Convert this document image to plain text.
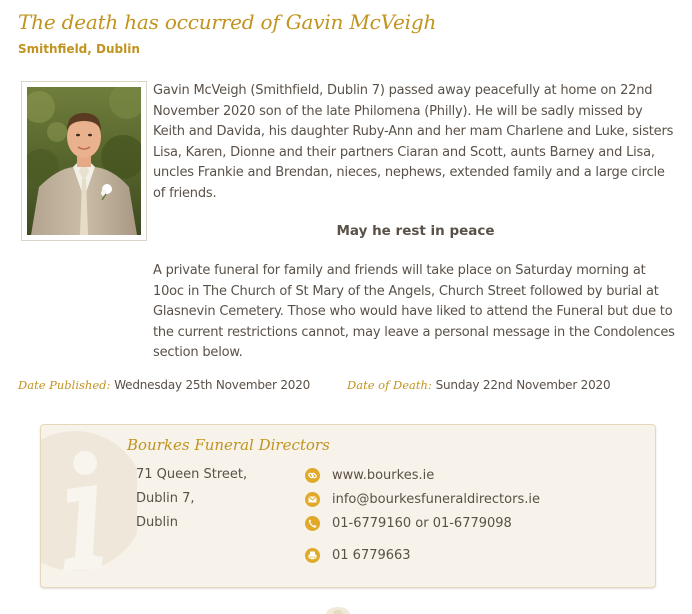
The death has occurred of Gavin McVeigh
Smithfield, Dublin

Gavin McVeigh (Smithfield, Dublin 7) passed away peacefully at home on 22nd November 2020 son of the late Philomena (Philly). He will be sadly missed by Keith and Davida, his daughter Ruby-Ann and her mam Charlene and Luke, sisters Lisa, Karen, Dionne and their partners Ciaran and Scott, aunts Barney and Lisa, uncles Frankie and Brendan, nieces, nephews, extended family and a large circle of friends.

May he rest in peace

A private funeral for family and friends will take place on Saturday morning at 10oc in The Church of St Mary of the Angels, Church Street followed by burial at Glasnevin Cemetery. Those who would have liked to attend the Funeral but due to the current restrictions cannot, may leave a personal message in the Condolences section below.

Date Published: Wednesday 25th November 2020	Date of Death: Sunday 22nd November 2020
Bourkes Funeral Directors
71 Queen Street,
Dublin 7,
Dublin
www.bourkes.ie
info@bourkesfuneraldirectors.ie
01-6779160 or 01-6779098
01 6779663
